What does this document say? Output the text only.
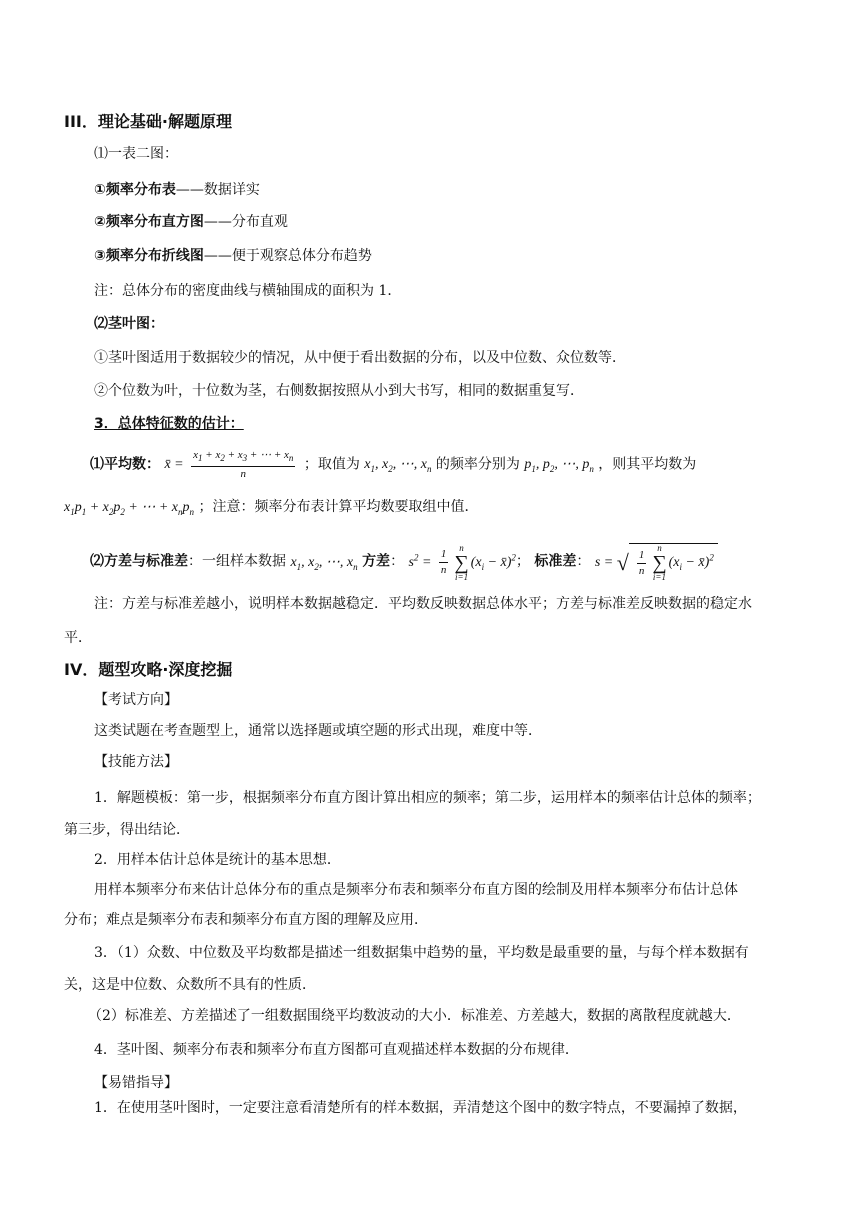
III．理论基础·解题原理
⑴一表二图：
①频率分布表——数据详实
②频率分布直方图——分布直观
③频率分布折线图——便于观察总体分布趋势
注：总体分布的密度曲线与横轴围成的面积为 1．
⑵茎叶图：
①茎叶图适用于数据较少的情况，从中便于看出数据的分布，以及中位数、众位数等．
②个位数为叶，十位数为茎，右侧数据按照从小到大书写，相同的数据重复写．
3．总体特征数的估计：
⑴平均数： x̄ = $\frac{x_1 + x_2 + x_3 + \cdots + x_n}{n}$ ；取值为 $x_1$, $x_2$, ⋯, $x_n$ 的频率分别为 $p_1$, $p_2$, ⋯, $p_n$ ，则其平均数为
$x_1p_1 + x_2p_2$ + ⋯ + $x_np_n$ ；注意：频率分布表计算平均数要取组中值．
⑵方差与标准差：一组样本数据 $x_1$, $x_2$, ⋯, $x_n$ 方差： $s^2 = \frac{1}{n}$ n
∑
$i=1(x_i$ − x̄)$^2$； 标准差： s = √ $\frac{1}{n}$ n
∑
$i=1(x_i$ − x̄)$^2$
注：方差与标准差越小，说明样本数据越稳定．平均数反映数据总体水平；方差与标准差反映数据的稳定水
平．
IV．题型攻略·深度挖掘
【考试方向】
这类试题在考查题型上，通常以选择题或填空题的形式出现，难度中等．
【技能方法】
1．解题模板：第一步，根据频率分布直方图计算出相应的频率；第二步，运用样本的频率估计总体的频率；
第三步，得出结论．
2．用样本估计总体是统计的基本思想．
用样本频率分布来估计总体分布的重点是频率分布表和频率分布直方图的绘制及用样本频率分布估计总体
分布；难点是频率分布表和频率分布直方图的理解及应用．
3．（1）众数、中位数及平均数都是描述一组数据集中趋势的量，平均数是最重要的量，与每个样本数据有
关，这是中位数、众数所不具有的性质．
（2）标准差、方差描述了一组数据围绕平均数波动的大小．标准差、方差越大，数据的离散程度就越大．
4．茎叶图、频率分布表和频率分布直方图都可直观描述样本数据的分布规律．
【易错指导】
1．在使用茎叶图时，一定要注意看清楚所有的样本数据，弄清楚这个图中的数字特点，不要漏掉了数据，
